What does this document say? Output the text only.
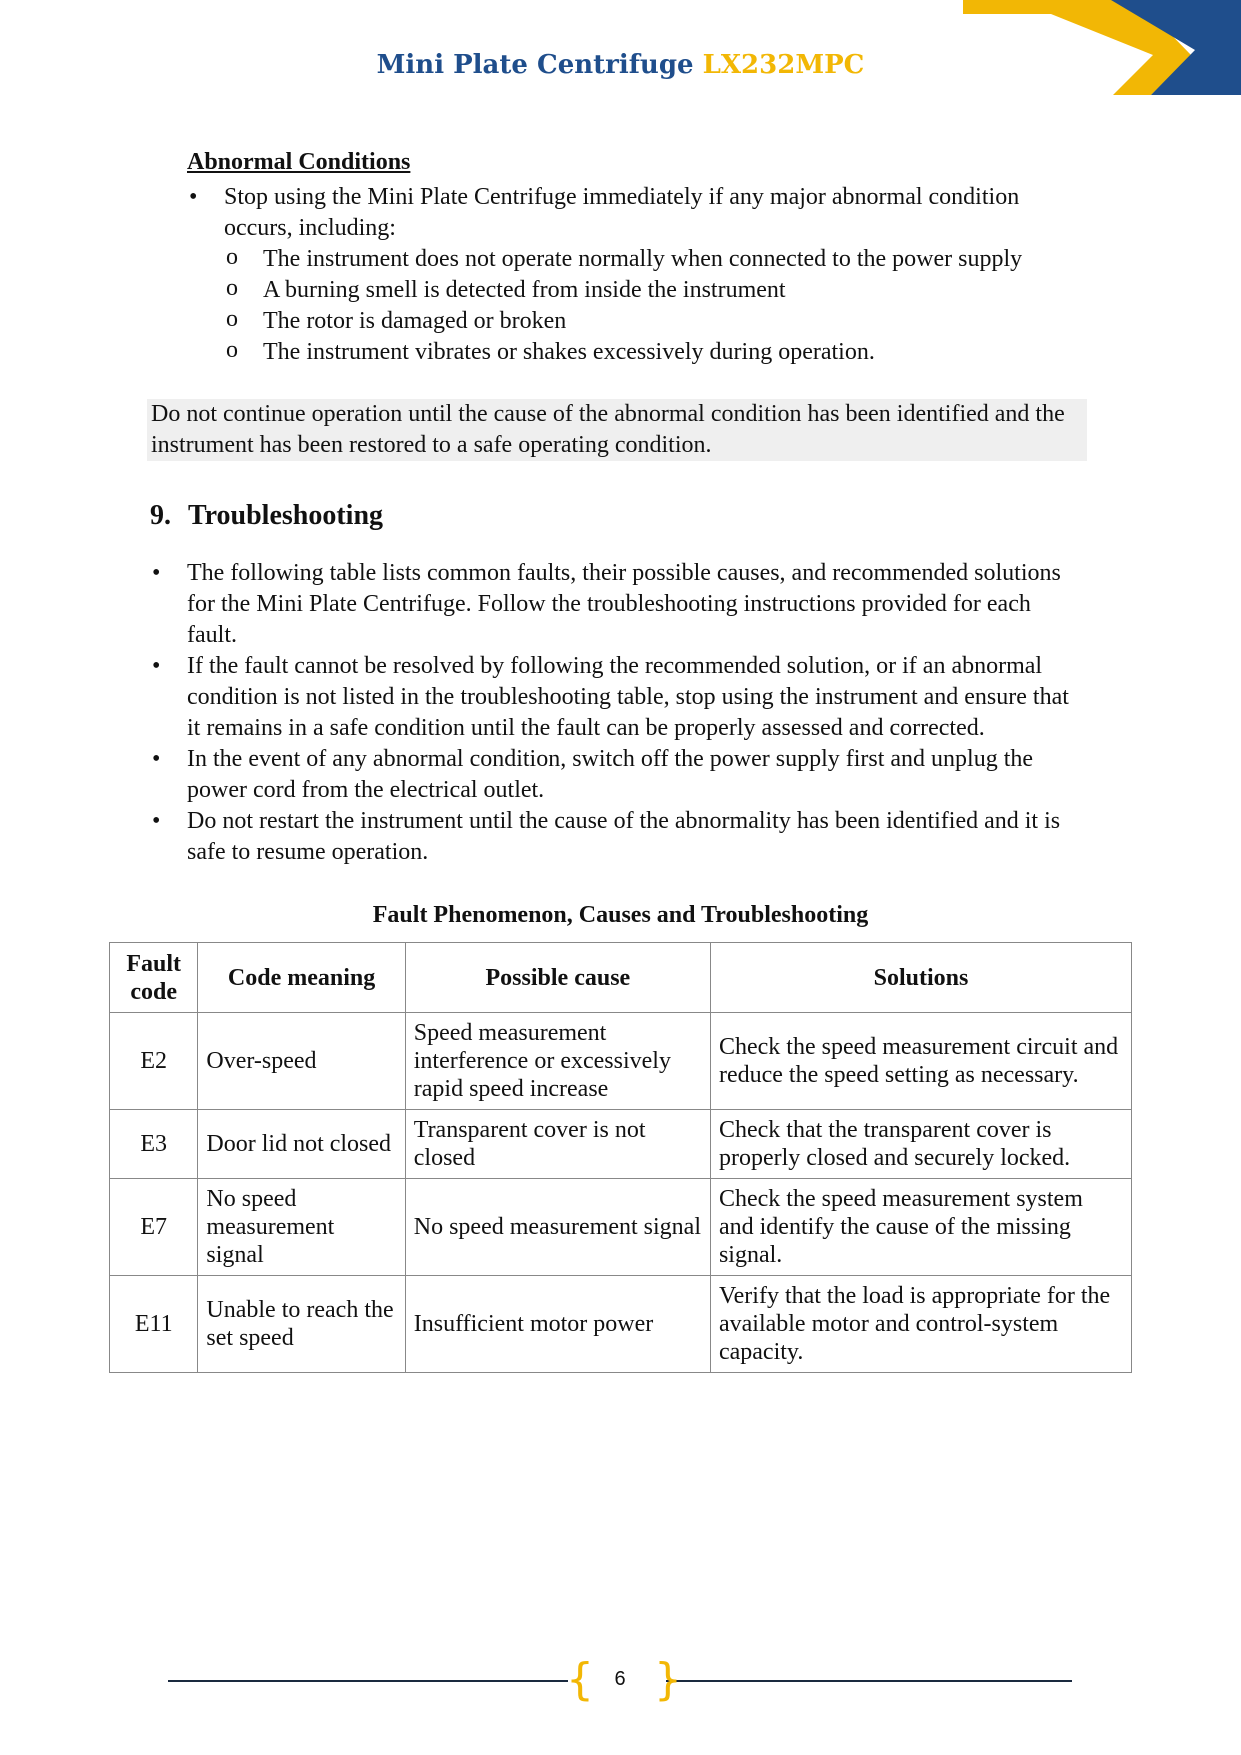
Mini Plate Centrifuge LX232MPC
Abnormal Conditions
• Stop using the Mini Plate Centrifuge immediately if any major abnormal condition occurs, including:
o The instrument does not operate normally when connected to the power supply
o A burning smell is detected from inside the instrument
o The rotor is damaged or broken
o The instrument vibrates or shakes excessively during operation.
Do not continue operation until the cause of the abnormal condition has been identified and the instrument has been restored to a safe operating condition.
9. Troubleshooting
• The following table lists common faults, their possible causes, and recommended solutions for the Mini Plate Centrifuge. Follow the troubleshooting instructions provided for each fault.
• If the fault cannot be resolved by following the recommended solution, or if an abnormal condition is not listed in the troubleshooting table, stop using the instrument and ensure that it remains in a safe condition until the fault can be properly assessed and corrected.
• In the event of any abnormal condition, switch off the power supply first and unplug the power cord from the electrical outlet.
• Do not restart the instrument until the cause of the abnormality has been identified and it is safe to resume operation.
Fault Phenomenon, Causes and Troubleshooting
Fault code	Code meaning	Possible cause	Solutions
E2	Over-speed	Speed measurement interference or excessively rapid speed increase	Check the speed measurement circuit and reduce the speed setting as necessary.
E3	Door lid not closed	Transparent cover is not closed	Check that the transparent cover is properly closed and securely locked.
E7	No speed measurement signal	No speed measurement signal	Check the speed measurement system and identify the cause of the missing signal.
E11	Unable to reach the set speed	Insufficient motor power	Verify that the load is appropriate for the available motor and control-system capacity.
{ }
6
